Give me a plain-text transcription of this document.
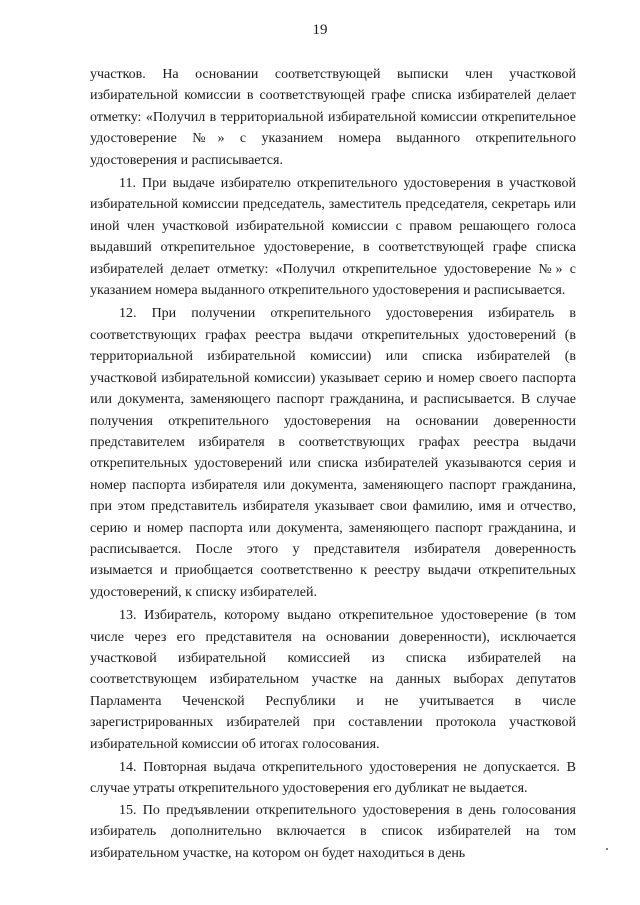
19

участков. На основании соответствующей выписки член участковой избирательной комиссии в соответствующей графе списка избирателей делает отметку: «Получил в территориальной избирательной комиссии открепительное удостоверение №» с указанием номера выданного открепительного удостоверения и расписывается.

11. При выдаче избирателю открепительного удостоверения в участковой избирательной комиссии председатель, заместитель председателя, секретарь или иной член участковой избирательной комиссии с правом решающего голоса выдавший открепительное удостоверение, в соответствующей графе списка избирателей делает отметку: «Получил открепительное удостоверение №» с указанием номера выданного открепительного удостоверения и расписывается.

12. При получении открепительного удостоверения избиратель в соответствующих графах реестра выдачи открепительных удостоверений (в территориальной избирательной комиссии) или списка избирателей (в участковой избирательной комиссии) указывает серию и номер своего паспорта или документа, заменяющего паспорт гражданина, и расписывается. В случае получения открепительного удостоверения на основании доверенности представителем избирателя в соответствующих графах реестра выдачи открепительных удостоверений или списка избирателей указываются серия и номер паспорта избирателя или документа, заменяющего паспорт гражданина, при этом представитель избирателя указывает свои фамилию, имя и отчество, серию и номер паспорта или документа, заменяющего паспорт гражданина, и расписывается. После этого у представителя избирателя доверенность изымается и приобщается соответственно к реестру выдачи открепительных удостоверений, к списку избирателей.

13. Избиратель, которому выдано открепительное удостоверение (в том числе через его представителя на основании доверенности), исключается участковой избирательной комиссией из списка избирателей на соответствующем избирательном участке на данных выборах депутатов Парламента Чеченской Республики и не учитывается в числе зарегистрированных избирателей при составлении протокола участковой избирательной комиссии об итогах голосования.

14. Повторная выдача открепительного удостоверения не допускается. В случае утраты открепительного удостоверения его дубликат не выдается.

15. По предъявлении открепительного удостоверения в день голосования избиратель дополнительно включается в список избирателей на том избирательном участке, на котором он будет находиться в день
